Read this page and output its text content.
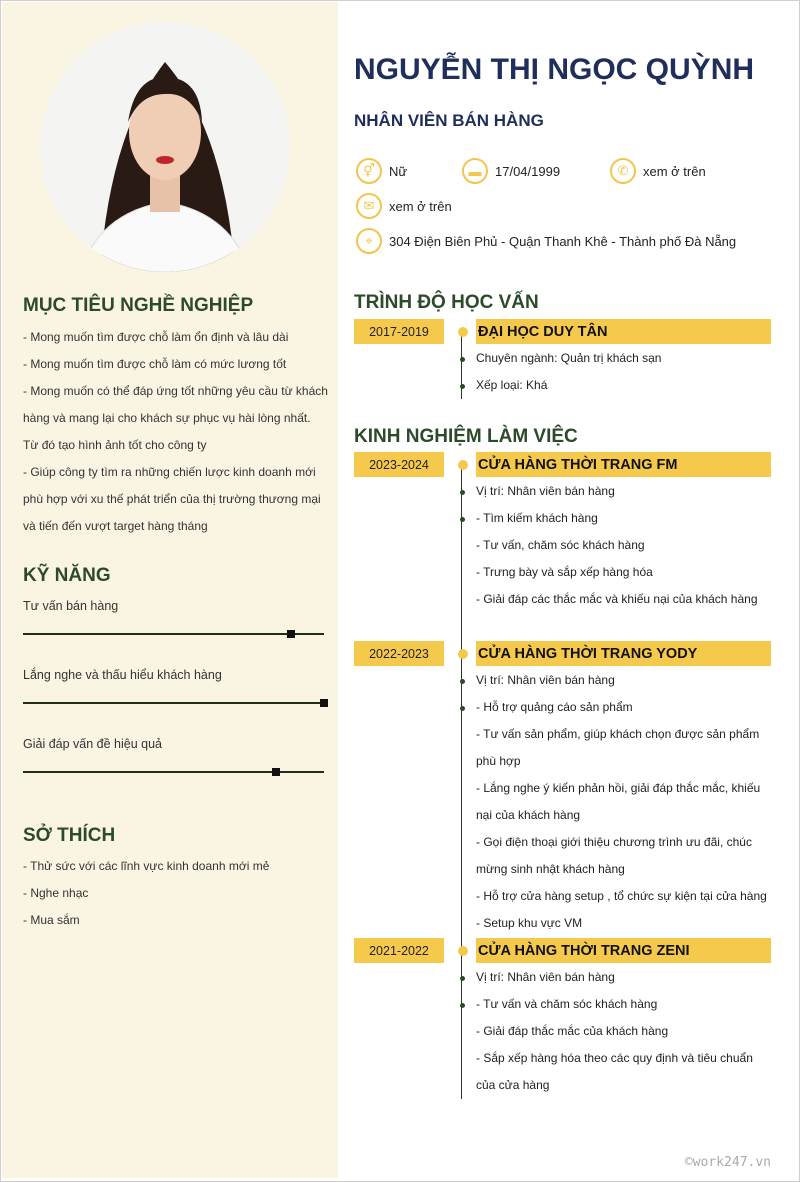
MỤC TIÊU NGHỀ NGHIỆP
- Mong muốn tìm được chỗ làm ổn định và lâu dài
- Mong muốn tìm được chỗ làm có mức lương tốt
- Mong muốn có thể đáp ứng tốt những yêu cầu từ khách hàng và mang lại cho khách sự phục vụ hài lòng nhất. Từ đó tạo hình ảnh tốt cho công ty
- Giúp công ty tìm ra những chiến lược kinh doanh mới phù hợp với xu thế phát triển của thị trường thương mại và tiến đến vượt target hàng tháng
KỸ NĂNG
Tư vấn bán hàng
Lắng nghe và thấu hiểu khách hàng
Giải đáp vấn đề hiệu quả
SỞ THÍCH
- Thử sức với các lĩnh vực kinh doanh mới mẻ
- Nghe nhạc
- Mua sắm
NGUYỄN THỊ NGỌC QUỲNH
NHÂN VIÊN BÁN HÀNG
⚥	Nữ	▬	17/04/1999	✆	xem ở trên
✉	xem ở trên
⌖	304 Điện Biên Phủ - Quận Thanh Khê - Thành phố Đà Nẵng
TRÌNH ĐỘ HỌC VẤN
2017-2019	ĐẠI HỌC DUY TÂN
Chuyên ngành: Quản trị khách sạn
Xếp loại: Khá
KINH NGHIỆM LÀM VIỆC
2023-2024	CỬA HÀNG THỜI TRANG FM
Vị trí: Nhân viên bán hàng
- Tìm kiếm khách hàng
- Tư vấn, chăm sóc khách hàng
- Trưng bày và sắp xếp hàng hóa
- Giải đáp các thắc mắc và khiếu nại của khách hàng
2022-2023	CỬA HÀNG THỜI TRANG YODY
Vị trí: Nhân viên bán hàng
- Hỗ trợ quảng cáo sản phẩm
- Tư vấn sản phẩm, giúp khách chọn được sản phẩm phù hợp
- Lắng nghe ý kiến phản hồi, giải đáp thắc mắc, khiếu nại của khách hàng
- Gọi điện thoại giới thiệu chương trình ưu đãi, chúc mừng sinh nhật khách hàng
- Hỗ trợ cửa hàng setup , tổ chức sự kiện tại cửa hàng
- Setup khu vực VM
2021-2022	CỬA HÀNG THỜI TRANG ZENI
Vị trí: Nhân viên bán hàng
- Tư vấn và chăm sóc khách hàng
- Giải đáp thắc mắc của khách hàng
- Sắp xếp hàng hóa theo các quy định và tiêu chuẩn của cửa hàng
©work247.vn
